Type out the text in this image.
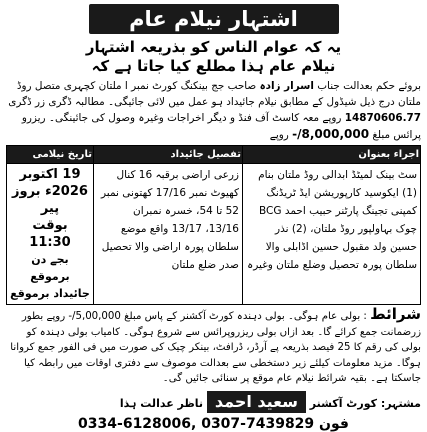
اشتہار نیلام عام
یہ کہ عوام الناس کو بذریعہ اشتہار
نیلام عام ہذا مطلع کیا جاتا ہے کہ
بروئے حکم بعدالت جناب اسرار زادہ صاحب جج بینکنگ کورٹ نمبر ا ملتان کچہری متصل روڈ ملتان درج ذیل شیڈول کے مطابق نیلام جائیداد ہو عمل میں لائی جائیگی۔ مطالبہ ڈگری زر ڈگری 14870606.77 روپے معہ کاسٹ آف فنڈ و دیگر اخراجات وغیرہ وصول کی جائینگی۔ ریزرو پرائس مبلغ 8,000,000/- روپے
اجراء بعنوان	تفصیل جائیداد	تاریخ نیلامی
سٹ بینک لمیٹڈ ابدالی روڈ ملتان بنام (1) ایکوسید کارپوریشن ایڈ ٹریڈنگ کمپنی تجینگ پارٹنر حبیب احمد BCG چوک بہاولپور روڈ ملتان، (2) نذر حسین ولد مقبول حسین اڈابلی والا سلطان پورہ تحصیل وضلع ملتان وغیرہ	زرعی اراضی برقبہ 16 کنال کھیوٹ نمبر 17/16 کھتونی نمبر 52 تا 54، خسرہ نمبران 13/16، 13/17 واقع موضع سلطان پورہ اراضی والا تحصیل صدر ضلع ملتان	19 اکتوبر
2026ء بروز پیر
بوقت 11:30
بجے دن برموقع
جائیداد برموقع
شرائط : بولی عام ہوگی۔ بولی دہندہ کورٹ آکشنر کے پاس مبلغ 5,00,000/- روپے بطور زرضمانت جمع کرائے گا۔ بعد ازاں بولی ریزروپرائس سے شروع ہوگی۔ کامیاب بولی دہندہ کو بولی کی رقم کا 25 فیصد بذریعہ پے آرڈر، ڈرافٹ، بینکر چیک کی صورت میں فی الفور جمع کروانا ہوگا۔ مزید معلومات کیلئے زیر دستخطی سے بعدالت موصوف سے دفتری اوقات میں رابطہ کیا جاسکتا ہے۔ بقیہ شرائط نیلام عام موقع پر سنائی جائیں گی۔
مشتہر: کورٹ آکشنر سعید احمد ناظر عدالت ہذا
فون 0334-6128006, 0307-7439829
